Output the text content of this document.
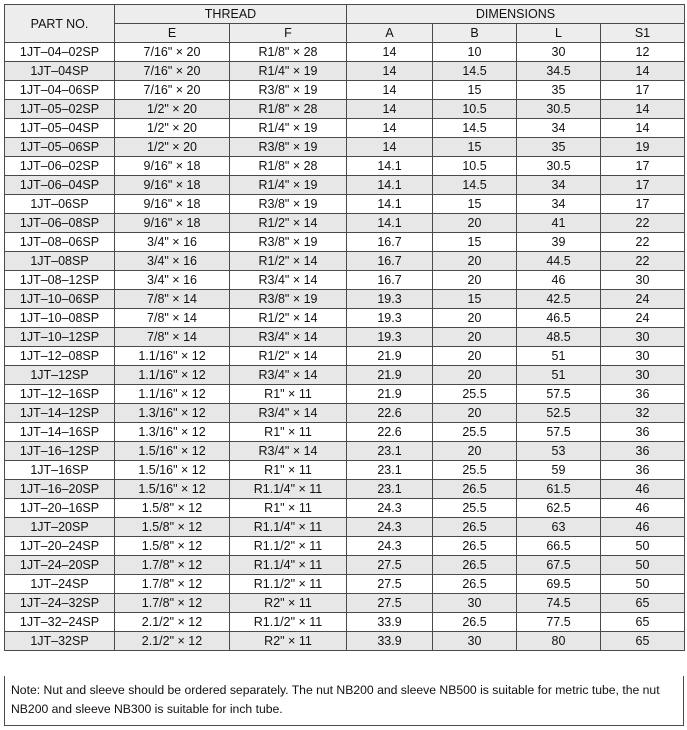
PART NO.	THREAD		DIMENSIONS			
	E	F	A	B	L	S1
1JT–04–02SP	7/16" × 20	R1/8" × 28	14	10	30	12
1JT–04SP	7/16" × 20	R1/4" × 19	14	14.5	34.5	14
1JT–04–06SP	7/16" × 20	R3/8" × 19	14	15	35	17
1JT–05–02SP	1/2" × 20	R1/8" × 28	14	10.5	30.5	14
1JT–05–04SP	1/2" × 20	R1/4" × 19	14	14.5	34	14
1JT–05–06SP	1/2" × 20	R3/8" × 19	14	15	35	19
1JT–06–02SP	9/16" × 18	R1/8" × 28	14.1	10.5	30.5	17
1JT–06–04SP	9/16" × 18	R1/4" × 19	14.1	14.5	34	17
1JT–06SP	9/16" × 18	R3/8" × 19	14.1	15	34	17
1JT–06–08SP	9/16" × 18	R1/2" × 14	14.1	20	41	22
1JT–08–06SP	3/4" × 16	R3/8" × 19	16.7	15	39	22
1JT–08SP	3/4" × 16	R1/2" × 14	16.7	20	44.5	22
1JT–08–12SP	3/4" × 16	R3/4" × 14	16.7	20	46	30
1JT–10–06SP	7/8" × 14	R3/8" × 19	19.3	15	42.5	24
1JT–10–08SP	7/8" × 14	R1/2" × 14	19.3	20	46.5	24
1JT–10–12SP	7/8" × 14	R3/4" × 14	19.3	20	48.5	30
1JT–12–08SP	1.1/16" × 12	R1/2" × 14	21.9	20	51	30
1JT–12SP	1.1/16" × 12	R3/4" × 14	21.9	20	51	30
1JT–12–16SP	1.1/16" × 12	R1" × 11	21.9	25.5	57.5	36
1JT–14–12SP	1.3/16" × 12	R3/4" × 14	22.6	20	52.5	32
1JT–14–16SP	1.3/16" × 12	R1" × 11	22.6	25.5	57.5	36
1JT–16–12SP	1.5/16" × 12	R3/4" × 14	23.1	20	53	36
1JT–16SP	1.5/16" × 12	R1" × 11	23.1	25.5	59	36
1JT–16–20SP	1.5/16" × 12	R1.1/4" × 11	23.1	26.5	61.5	46
1JT–20–16SP	1.5/8" × 12	R1" × 11	24.3	25.5	62.5	46
1JT–20SP	1.5/8" × 12	R1.1/4" × 11	24.3	26.5	63	46
1JT–20–24SP	1.5/8" × 12	R1.1/2" × 11	24.3	26.5	66.5	50
1JT–24–20SP	1.7/8" × 12	R1.1/4" × 11	27.5	26.5	67.5	50
1JT–24SP	1.7/8" × 12	R1.1/2" × 11	27.5	26.5	69.5	50
1JT–24–32SP	1.7/8" × 12	R2" × 11	27.5	30	74.5	65
1JT–32–24SP	2.1/2" × 12	R1.1/2" × 11	33.9	26.5	77.5	65
1JT–32SP	2.1/2" × 12	R2" × 11	33.9	30	80	65
Note: Nut and sleeve should be ordered separately. The nut NB200 and sleeve NB500 is suitable for metric tube, the nut NB200 and sleeve NB300 is suitable for inch tube.
